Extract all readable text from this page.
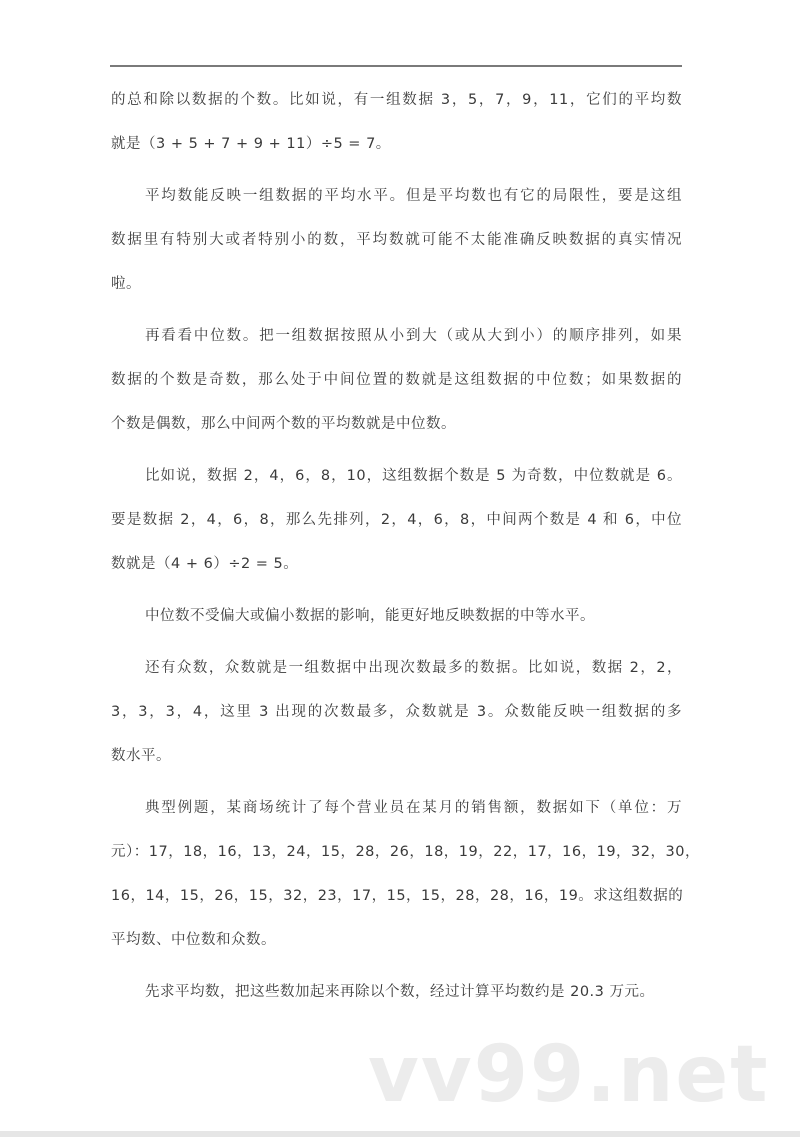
的总和除以数据的个数。比如说，有一组数据 3，5，7，9，11，它们的平均数
就是（3 + 5 + 7 + 9 + 11）÷5 = 7。
平均数能反映一组数据的平均水平。但是平均数也有它的局限性，要是这组
数据里有特别大或者特别小的数，平均数就可能不太能准确反映数据的真实情况
啦。
再看看中位数。把一组数据按照从小到大（或从大到小）的顺序排列，如果
数据的个数是奇数，那么处于中间位置的数就是这组数据的中位数；如果数据的
个数是偶数，那么中间两个数的平均数就是中位数。
比如说，数据 2，4，6，8，10，这组数据个数是 5 为奇数，中位数就是 6。
要是数据 2，4，6，8，那么先排列，2，4，6，8，中间两个数是 4 和 6，中位
数就是（4 + 6）÷2 = 5。
中位数不受偏大或偏小数据的影响，能更好地反映数据的中等水平。
还有众数，众数就是一组数据中出现次数最多的数据。比如说，数据 2，2，
3，3，3，4，这里 3 出现的次数最多，众数就是 3。众数能反映一组数据的多
数水平。
典型例题，某商场统计了每个营业员在某月的销售额，数据如下（单位：万
元）：17，18，16，13，24，15，28，26，18，19，22，17，16，19，32，30，
16，14，15，26，15，32，23，17，15，15，28，28，16，19。求这组数据的
平均数、中位数和众数。
先求平均数，把这些数加起来再除以个数，经过计算平均数约是 20.3 万元。
vv99.net
